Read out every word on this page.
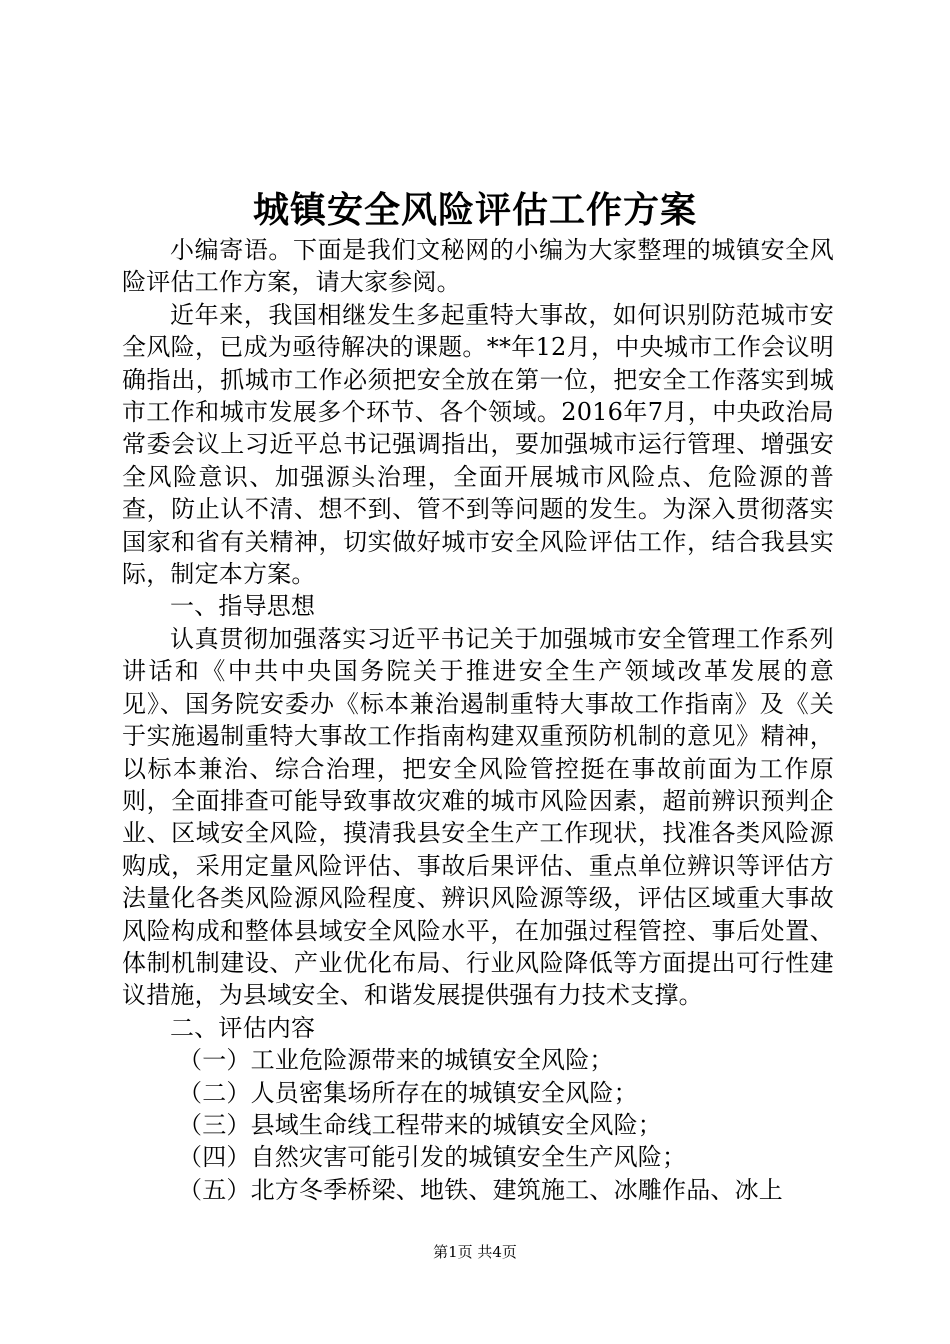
城镇安全风险评估工作方案

小编寄语。下面是我们文秘网的小编为大家整理的城镇安全风险评估工作方案，请大家参阅。

近年来，我国相继发生多起重特大事故，如何识别防范城市安全风险，已成为亟待解决的课题。**年12月，中央城市工作会议明确指出，抓城市工作必须把安全放在第一位，把安全工作落实到城市工作和城市发展多个环节、各个领域。2016年7月，中央政治局常委会议上习近平总书记强调指出，要加强城市运行管理、增强安全风险意识、加强源头治理，全面开展城市风险点、危险源的普查，防止认不清、想不到、管不到等问题的发生。为深入贯彻落实国家和省有关精神，切实做好城市安全风险评估工作，结合我县实际，制定本方案。

一、指导思想

认真贯彻加强落实习近平书记关于加强城市安全管理工作系列讲话和《中共中央国务院关于推进安全生产领域改革发展的意见》、国务院安委办《标本兼治遏制重特大事故工作指南》及《关于实施遏制重特大事故工作指南构建双重预防机制的意见》精神，以标本兼治、综合治理，把安全风险管控挺在事故前面为工作原则，全面排查可能导致事故灾难的城市风险因素，超前辨识预判企业、区域安全风险，摸清我县安全生产工作现状，找准各类风险源购成，采用定量风险评估、事故后果评估、重点单位辨识等评估方法量化各类风险源风险程度、辨识风险源等级，评估区域重大事故风险构成和整体县域安全风险水平，在加强过程管控、事后处置、体制机制建设、产业优化布局、行业风险降低等方面提出可行性建议措施，为县域安全、和谐发展提供强有力技术支撑。

二、评估内容

（一）工业危险源带来的城镇安全风险；

（二）人员密集场所存在的城镇安全风险；

（三）县域生命线工程带来的城镇安全风险；

（四）自然灾害可能引发的城镇安全生产风险；

（五）北方冬季桥梁、地铁、建筑施工、冰雕作品、冰上

第1页 共4页
